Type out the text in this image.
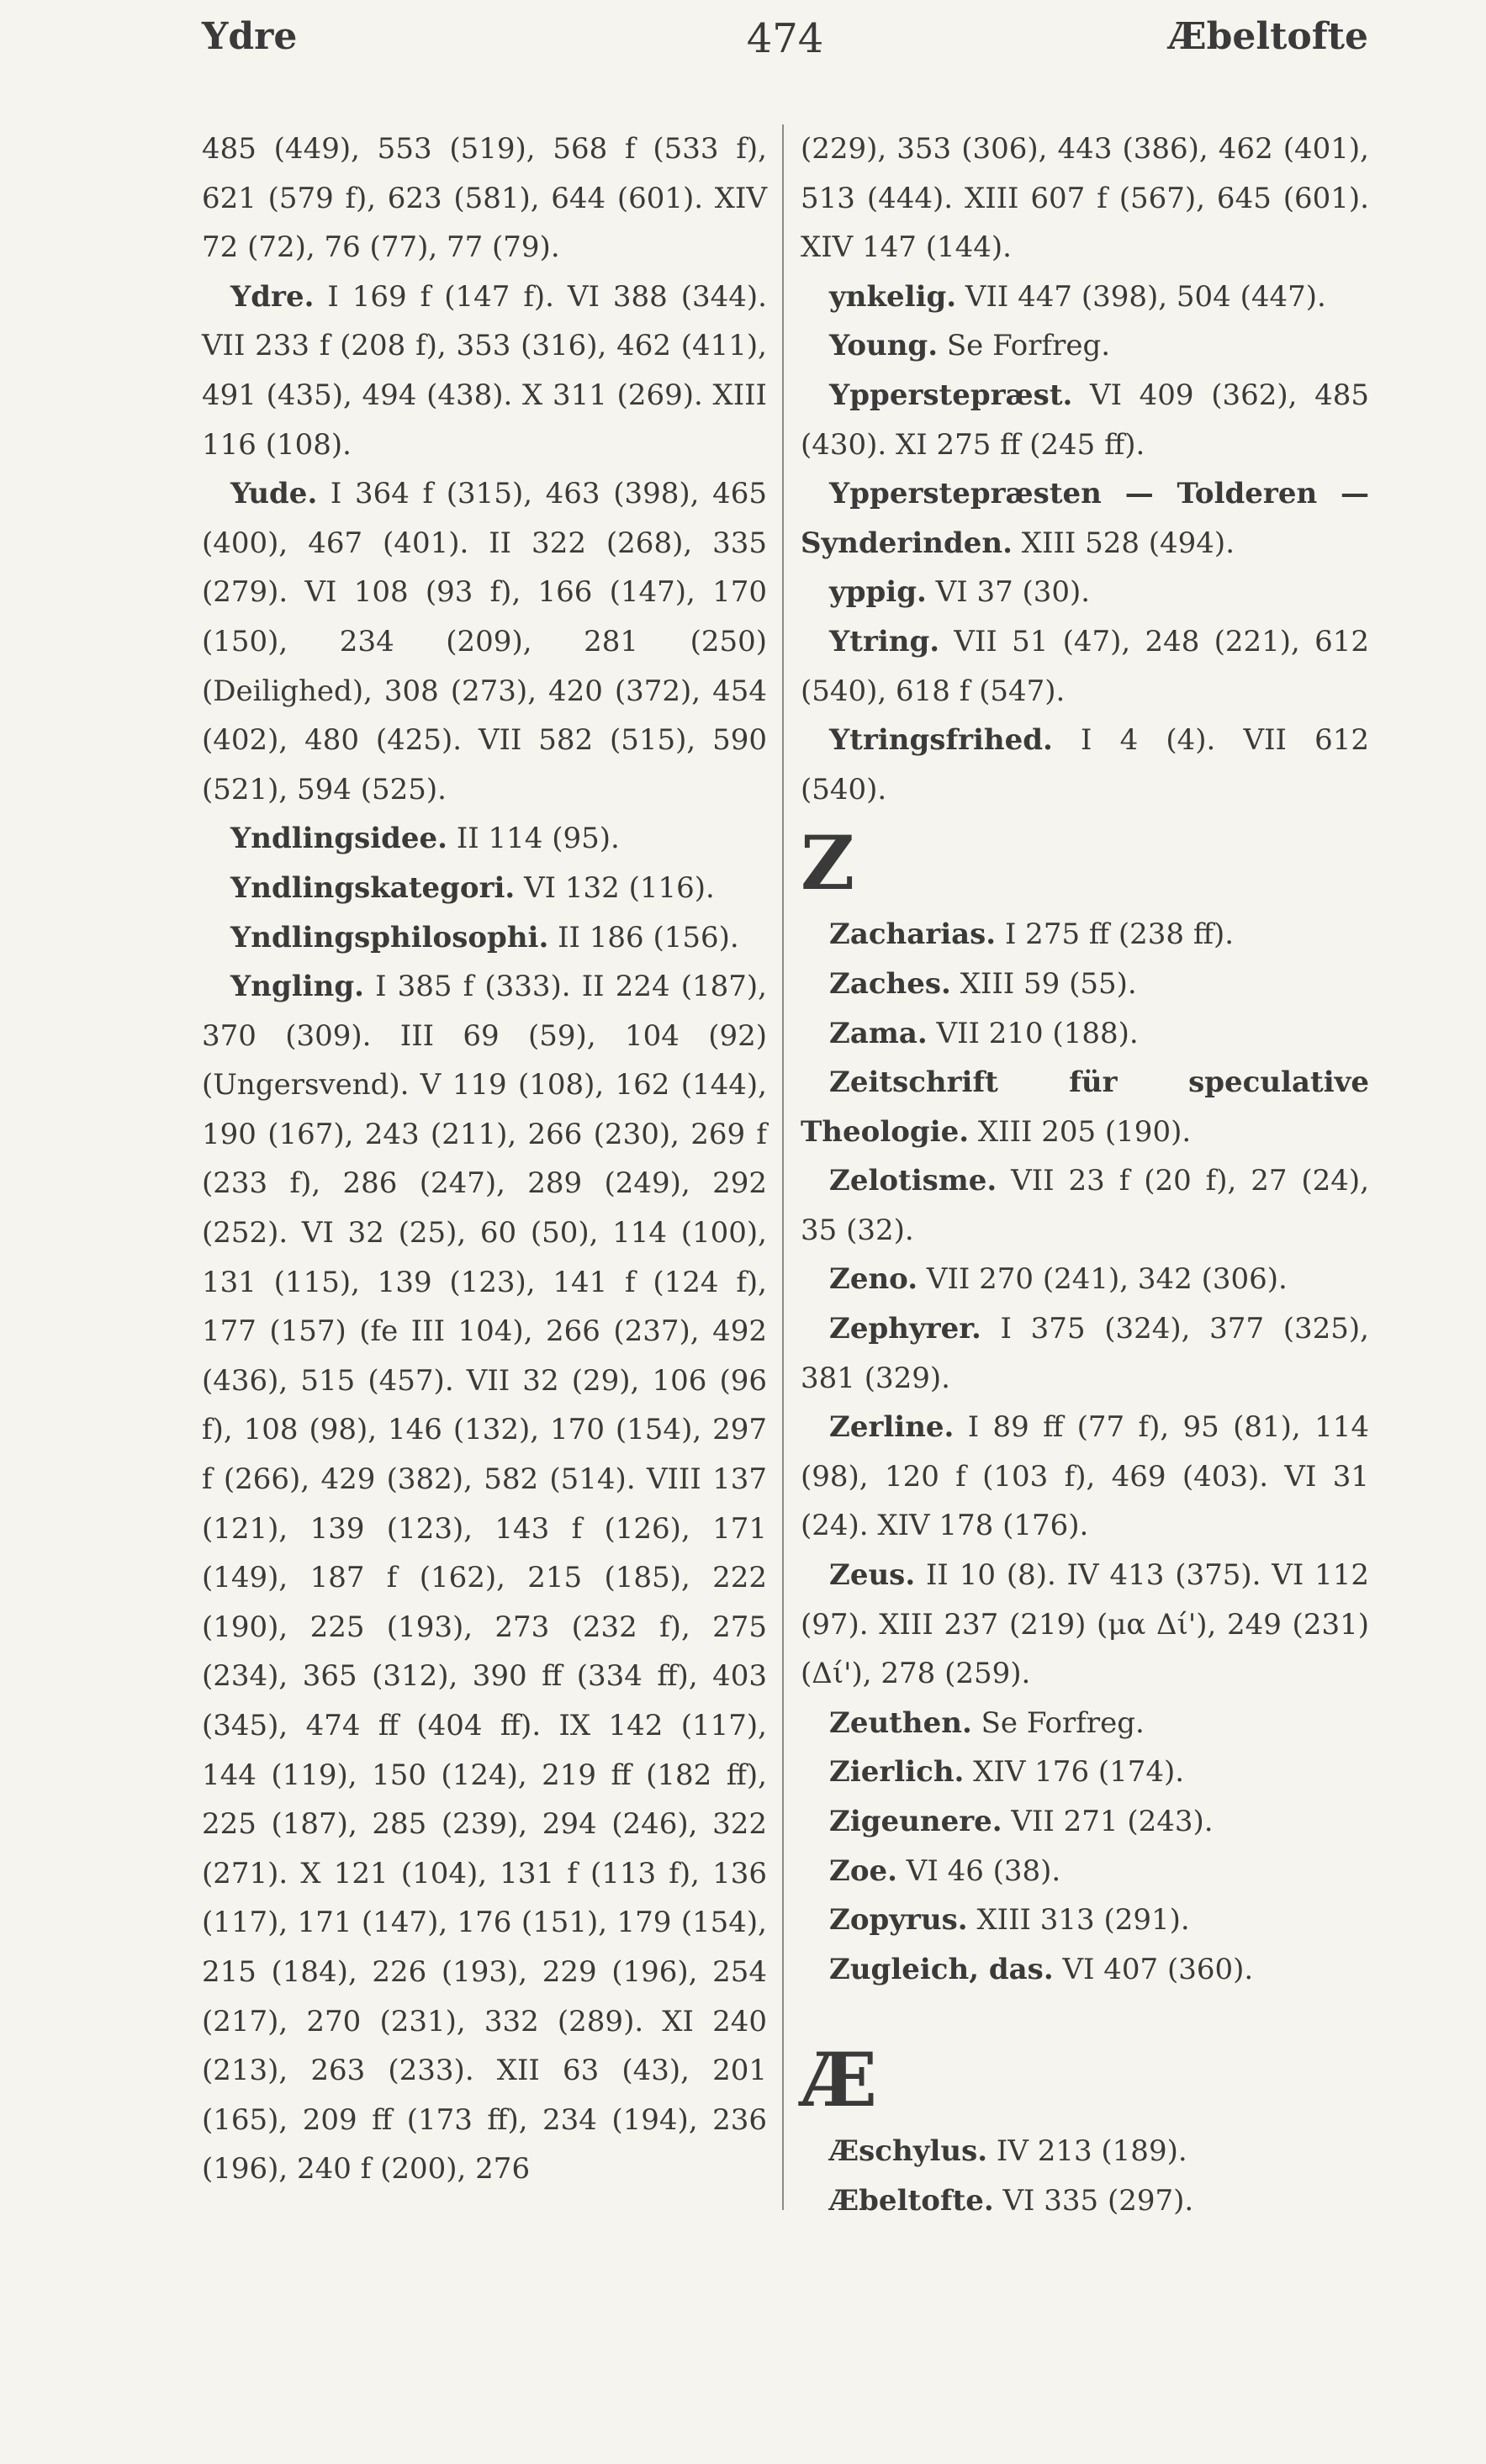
Ydre	474	Æbeltofte

485 (449), 553 (519), 568 f (533 f), 621 (579 f), 623 (581), 644 (601). XIV 72 (72), 76 (77), 77 (79).

Ydre. I 169 f (147 f). VI 388 (344). VII 233 f (208 f), 353 (316), 462 (411), 491 (435), 494 (438). X 311 (269). XIII 116 (108).

Yude. I 364 f (315), 463 (398), 465 (400), 467 (401). II 322 (268), 335 (279). VI 108 (93 f), 166 (147), 170 (150), 234 (209), 281 (250) (Deilighed), 308 (273), 420 (372), 454 (402), 480 (425). VII 582 (515), 590 (521), 594 (525).

Yndlingsidee. II 114 (95).

Yndlingskategori. VI 132 (116).

Yndlingsphilosophi. II 186 (156).

Yngling. I 385 f (333). II 224 (187), 370 (309). III 69 (59), 104 (92) (Ungersvend). V 119 (108), 162 (144), 190 (167), 243 (211), 266 (230), 269 f (233 f), 286 (247), 289 (249), 292 (252). VI 32 (25), 60 (50), 114 (100), 131 (115), 139 (123), 141 f (124 f), 177 (157) (fe III 104), 266 (237), 492 (436), 515 (457). VII 32 (29), 106 (96 f), 108 (98), 146 (132), 170 (154), 297 f (266), 429 (382), 582 (514). VIII 137 (121), 139 (123), 143 f (126), 171 (149), 187 f (162), 215 (185), 222 (190), 225 (193), 273 (232 f), 275 (234), 365 (312), 390 ff (334 ff), 403 (345), 474 ff (404 ff). IX 142 (117), 144 (119), 150 (124), 219 ff (182 ff), 225 (187), 285 (239), 294 (246), 322 (271). X 121 (104), 131 f (113 f), 136 (117), 171 (147), 176 (151), 179 (154), 215 (184), 226 (193), 229 (196), 254 (217), 270 (231), 332 (289). XI 240 (213), 263 (233). XII 63 (43), 201 (165), 209 ff (173 ff), 234 (194), 236 (196), 240 f (200), 276

(229), 353 (306), 443 (386), 462 (401), 513 (444). XIII 607 f (567), 645 (601). XIV 147 (144).

ynkelig. VII 447 (398), 504 (447).

Young. Se Forfreg.

Ypperstepræst. VI 409 (362), 485 (430). XI 275 ff (245 ff).

Ypperstepræsten — Tolderen — Synderinden. XIII 528 (494).

yppig. VI 37 (30).

Ytring. VII 51 (47), 248 (221), 612 (540), 618 f (547).

Ytringsfrihed. I 4 (4). VII 612 (540).

Z

Zacharias. I 275 ff (238 ff).

Zaches. XIII 59 (55).

Zama. VII 210 (188).

Zeitschrift für speculative Theologie. XIII 205 (190).

Zelotisme. VII 23 f (20 f), 27 (24), 35 (32).

Zeno. VII 270 (241), 342 (306).

Zephyrer. I 375 (324), 377 (325), 381 (329).

Zerline. I 89 ff (77 f), 95 (81), 114 (98), 120 f (103 f), 469 (403). VI 31 (24). XIV 178 (176).

Zeus. II 10 (8). IV 413 (375). VI 112 (97). XIII 237 (219) (μα Δί'), 249 (231) (Δί'), 278 (259).

Zeuthen. Se Forfreg.

Zierlich. XIV 176 (174).

Zigeunere. VII 271 (243).

Zoe. VI 46 (38).

Zopyrus. XIII 313 (291).

Zugleich, das. VI 407 (360).

Æ

Æschylus. IV 213 (189).

Æbeltofte. VI 335 (297).
